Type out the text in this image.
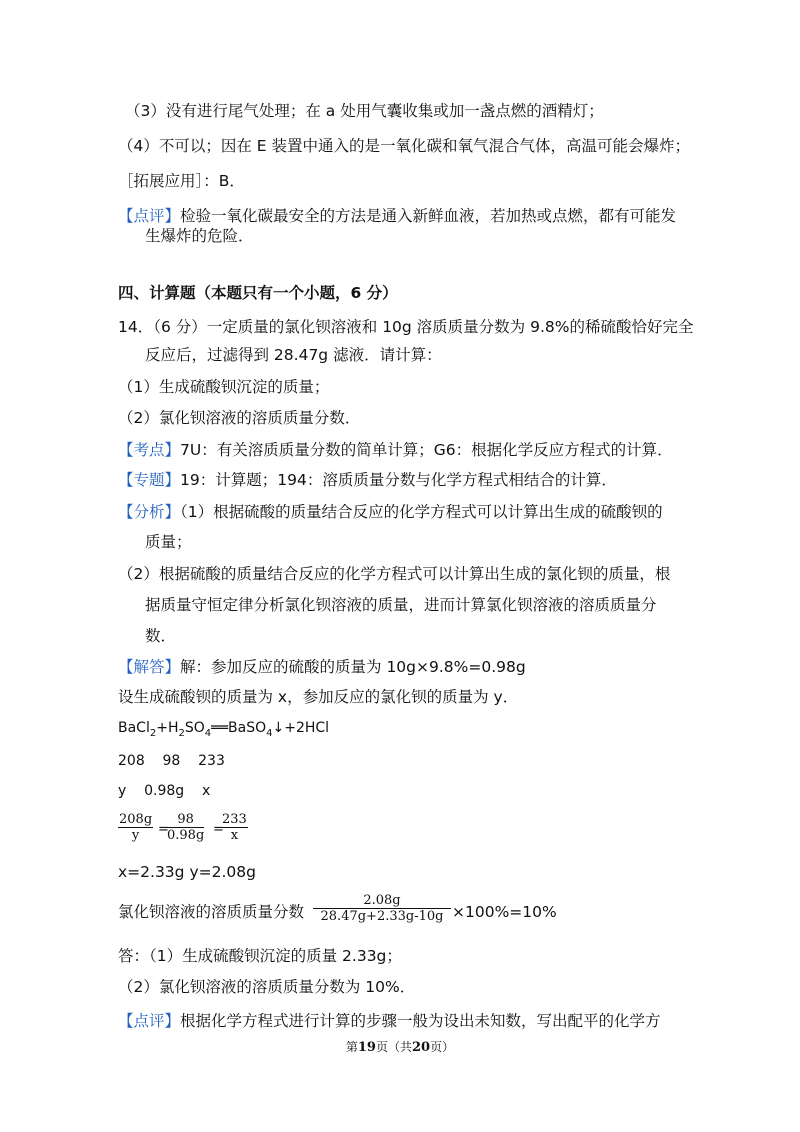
（3）没有进行尾气处理；在 a 处用气囊收集或加一盏点燃的酒精灯；
（4）不可以；因在 E 装置中通入的是一氧化碳和氧气混合气体，高温可能会爆炸；
［拓展应用］：B．
【点评】检验一氧化碳最安全的方法是通入新鲜血液，若加热或点燃，都有可能发
生爆炸的危险．
四、计算题（本题只有一个小题，6 分）
14．（6 分）一定质量的氯化钡溶液和 10g 溶质质量分数为 9.8%的稀硫酸恰好完全
反应后，过滤得到 28.47g 滤液．请计算：
（1）生成硫酸钡沉淀的质量；
（2）氯化钡溶液的溶质质量分数．
【考点】7U：有关溶质质量分数的简单计算；G6：根据化学反应方程式的计算．
【专题】19：计算题；194：溶质质量分数与化学方程式相结合的计算．
【分析】（1）根据硫酸的质量结合反应的化学方程式可以计算出生成的硫酸钡的
质量；
（2）根据硫酸的质量结合反应的化学方程式可以计算出生成的氯化钡的质量，根
据质量守恒定律分析氯化钡溶液的质量，进而计算氯化钡溶液的溶质质量分
数．
【解答】解：参加反应的硫酸的质量为 10g×9.8%=0.98g
设生成硫酸钡的质量为 x，参加反应的氯化钡的质量为 y．
$BaCl_2+H_2SO_4══BaSO_4↓+2HCl$
208    98    233
y    0.98g    x
$\frac{208g}{y}$ =
$\frac{98}{0.98g}$ =
$\frac{233}{x}$
x=2.33g y=2.08g
氯化钡溶液的溶质质量分数 $\frac{2.08g}{28.47g+2.33g-10g} \times 100\%=10\%$
答：（1）生成硫酸钡沉淀的质量 2.33g；
（2）氯化钡溶液的溶质质量分数为 10%．
【点评】根据化学方程式进行计算的步骤一般为设出未知数，写出配平的化学方
第19页（共20页）
